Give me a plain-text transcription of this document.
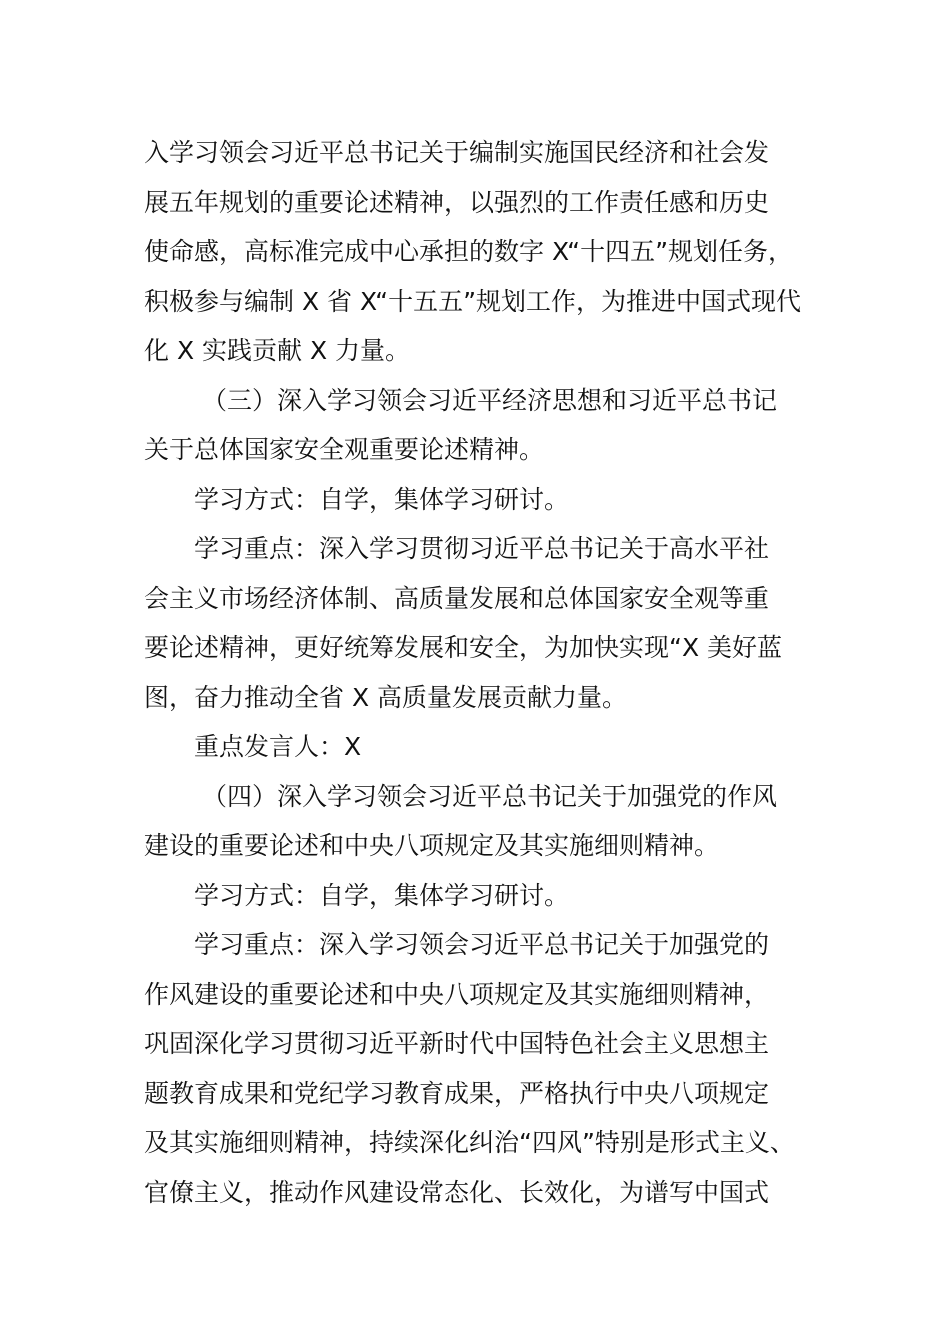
入学习领会习近平总书记关于编制实施国民经济和社会发
展五年规划的重要论述精神，以强烈的工作责任感和历史
使命感，高标准完成中心承担的数字 X“十四五”规划任务，
积极参与编制 X 省 X“十五五”规划工作，为推进中国式现代
化 X 实践贡献 X 力量。
（三）深入学习领会习近平经济思想和习近平总书记
关于总体国家安全观重要论述精神。
学习方式：自学，集体学习研讨。
学习重点：深入学习贯彻习近平总书记关于高水平社
会主义市场经济体制、高质量发展和总体国家安全观等重
要论述精神，更好统筹发展和安全，为加快实现“X 美好蓝
图，奋力推动全省 X 高质量发展贡献力量。
重点发言人：X
（四）深入学习领会习近平总书记关于加强党的作风
建设的重要论述和中央八项规定及其实施细则精神。
学习方式：自学，集体学习研讨。
学习重点：深入学习领会习近平总书记关于加强党的
作风建设的重要论述和中央八项规定及其实施细则精神，
巩固深化学习贯彻习近平新时代中国特色社会主义思想主
题教育成果和党纪学习教育成果，严格执行中央八项规定
及其实施细则精神，持续深化纠治“四风”特别是形式主义、
官僚主义，推动作风建设常态化、长效化，为谱写中国式
